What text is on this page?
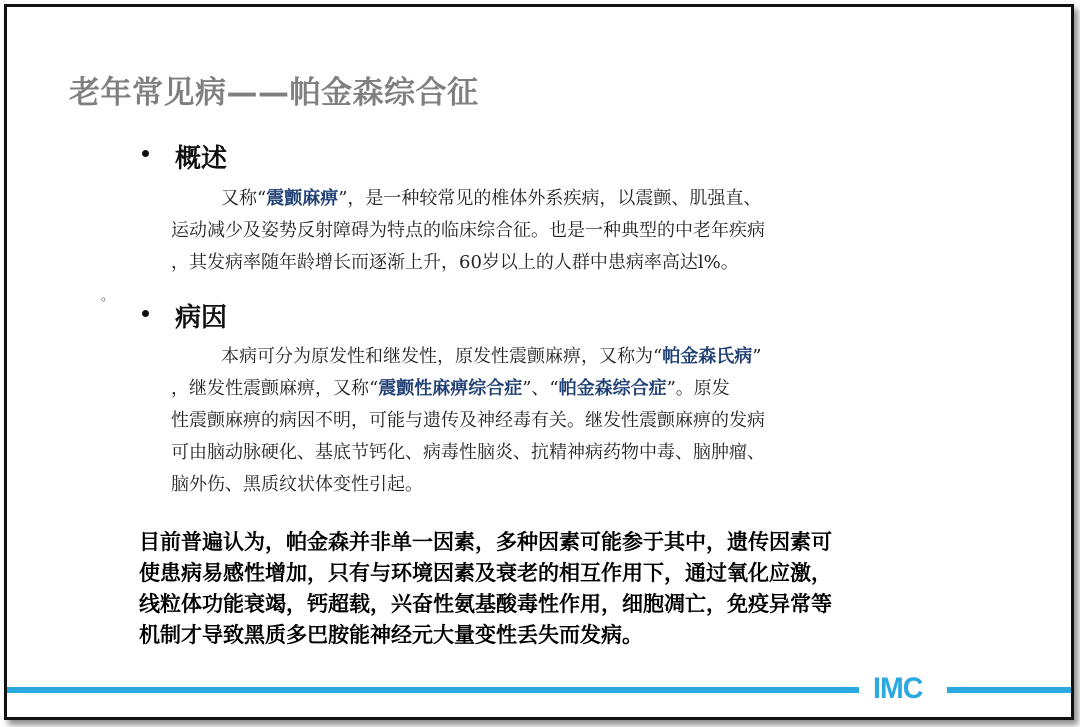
老年常见病——帕金森综合征
概述
又称“震颤麻痹”，是一种较常见的椎体外系疾病，以震颤、肌强直、
运动减少及姿势反射障碍为特点的临床综合征。也是一种典型的中老年疾病
，其发病率随年龄增长而逐渐上升，60岁以上的人群中患病率高达l%。
。
病因
本病可分为原发性和继发性，原发性震颤麻痹，又称为“帕金森氏病”
，继发性震颤麻痹，又称“震颤性麻痹综合症”、“帕金森综合症”。原发
性震颤麻痹的病因不明，可能与遗传及神经毒有关。继发性震颤麻痹的发病
可由脑动脉硬化、基底节钙化、病毒性脑炎、抗精神病药物中毒、脑肿瘤、
脑外伤、黑质纹状体变性引起。
目前普遍认为，帕金森并非单一因素，多种因素可能参于其中，遗传因素可
使患病易感性增加，只有与环境因素及衰老的相互作用下，通过氧化应激，
线粒体功能衰竭，钙超载，兴奋性氨基酸毒性作用，细胞凋亡，免疫异常等
机制才导致黑质多巴胺能神经元大量变性丢失而发病。
IMC
